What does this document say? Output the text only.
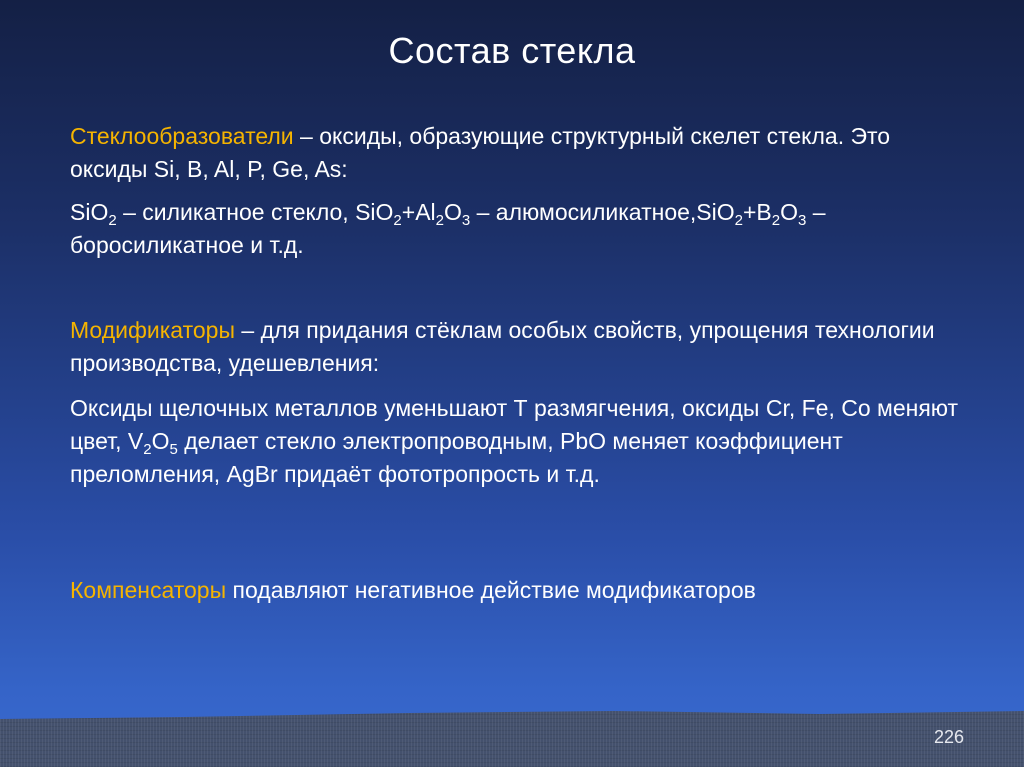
Состав стекла
Стеклообразователи – оксиды, образующие структурный скелет стекла. Это оксиды Si, B, Al, P, Ge, As:
SiO$_2$ – силикатное стекло, $SiO_2+Al_2O_3$ – $алюмосиликатное,SiO_2+B_2O_3$ – боросиликатное и т.д.
Модификаторы – для придания стёклам особых свойств, упрощения технологии производства, удешевления:
Оксиды щелочных металлов уменьшают Т размягчения, оксиды Cr, Fe, Co меняют цвет, $V_2O_5$ делает стекло электропроводным, PbO меняет коэффициент преломления, AgBr придаёт фототропрость и т.д.
Компенсаторы подавляют негативное действие модификаторов
226
